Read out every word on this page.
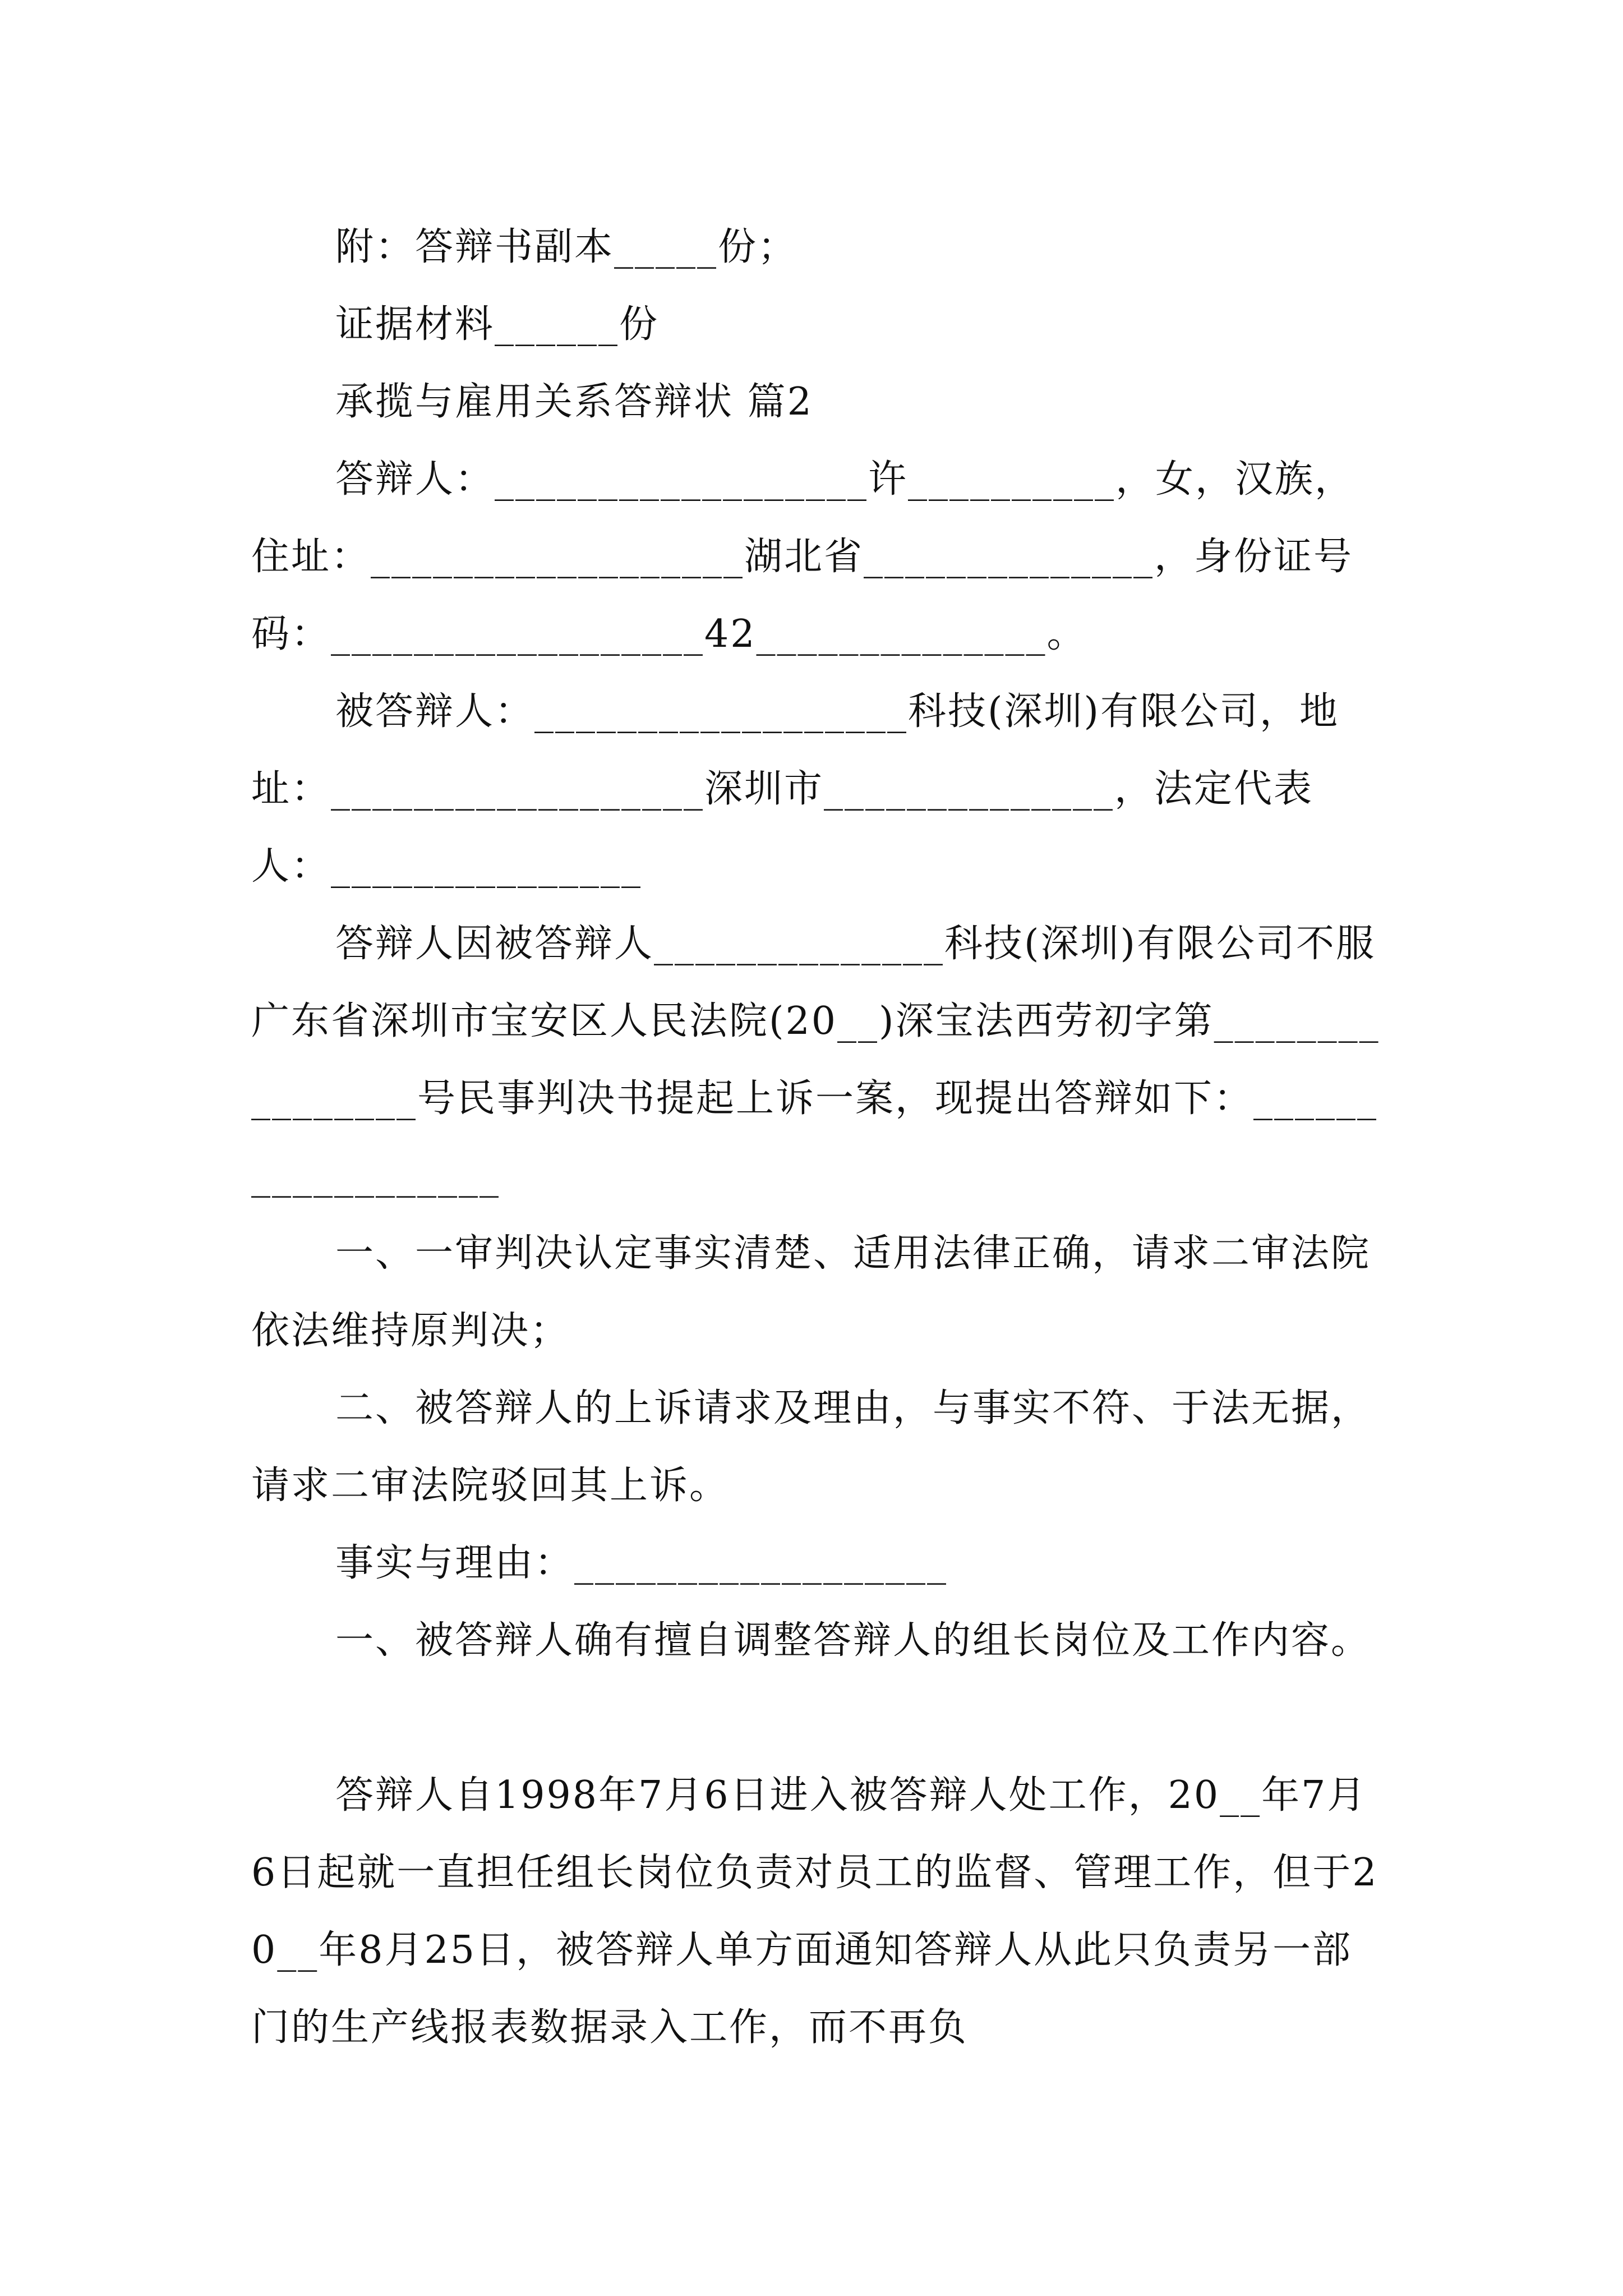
附：答辩书副本_____份；

证据材料______份

承揽与雇用关系答辩状 篇2

答辩人：__________________许__________，女，汉族，住址：__________________湖北省______________，身份证号码：__________________42______________。

被答辩人：__________________科技(深圳)有限公司，地址：__________________深圳市______________，法定代表人：_______________

答辩人因被答辩人______________科技(深圳)有限公司不服广东省深圳市宝安区人民法院(20__)深宝法西劳初字第________________号民事判决书提起上诉一案，现提出答辩如下：__________________

一、一审判决认定事实清楚、适用法律正确，请求二审法院依法维持原判决；

二、被答辩人的上诉请求及理由，与事实不符、于法无据，请求二审法院驳回其上诉。

事实与理由：__________________

一、被答辩人确有擅自调整答辩人的组长岗位及工作内容。

答辩人自1998年7月6日进入被答辩人处工作，20__年7月6日起就一直担任组长岗位负责对员工的监督、管理工作，但于20__年8月25日，被答辩人单方面通知答辩人从此只负责另一部门的生产线报表数据录入工作，而不再负
